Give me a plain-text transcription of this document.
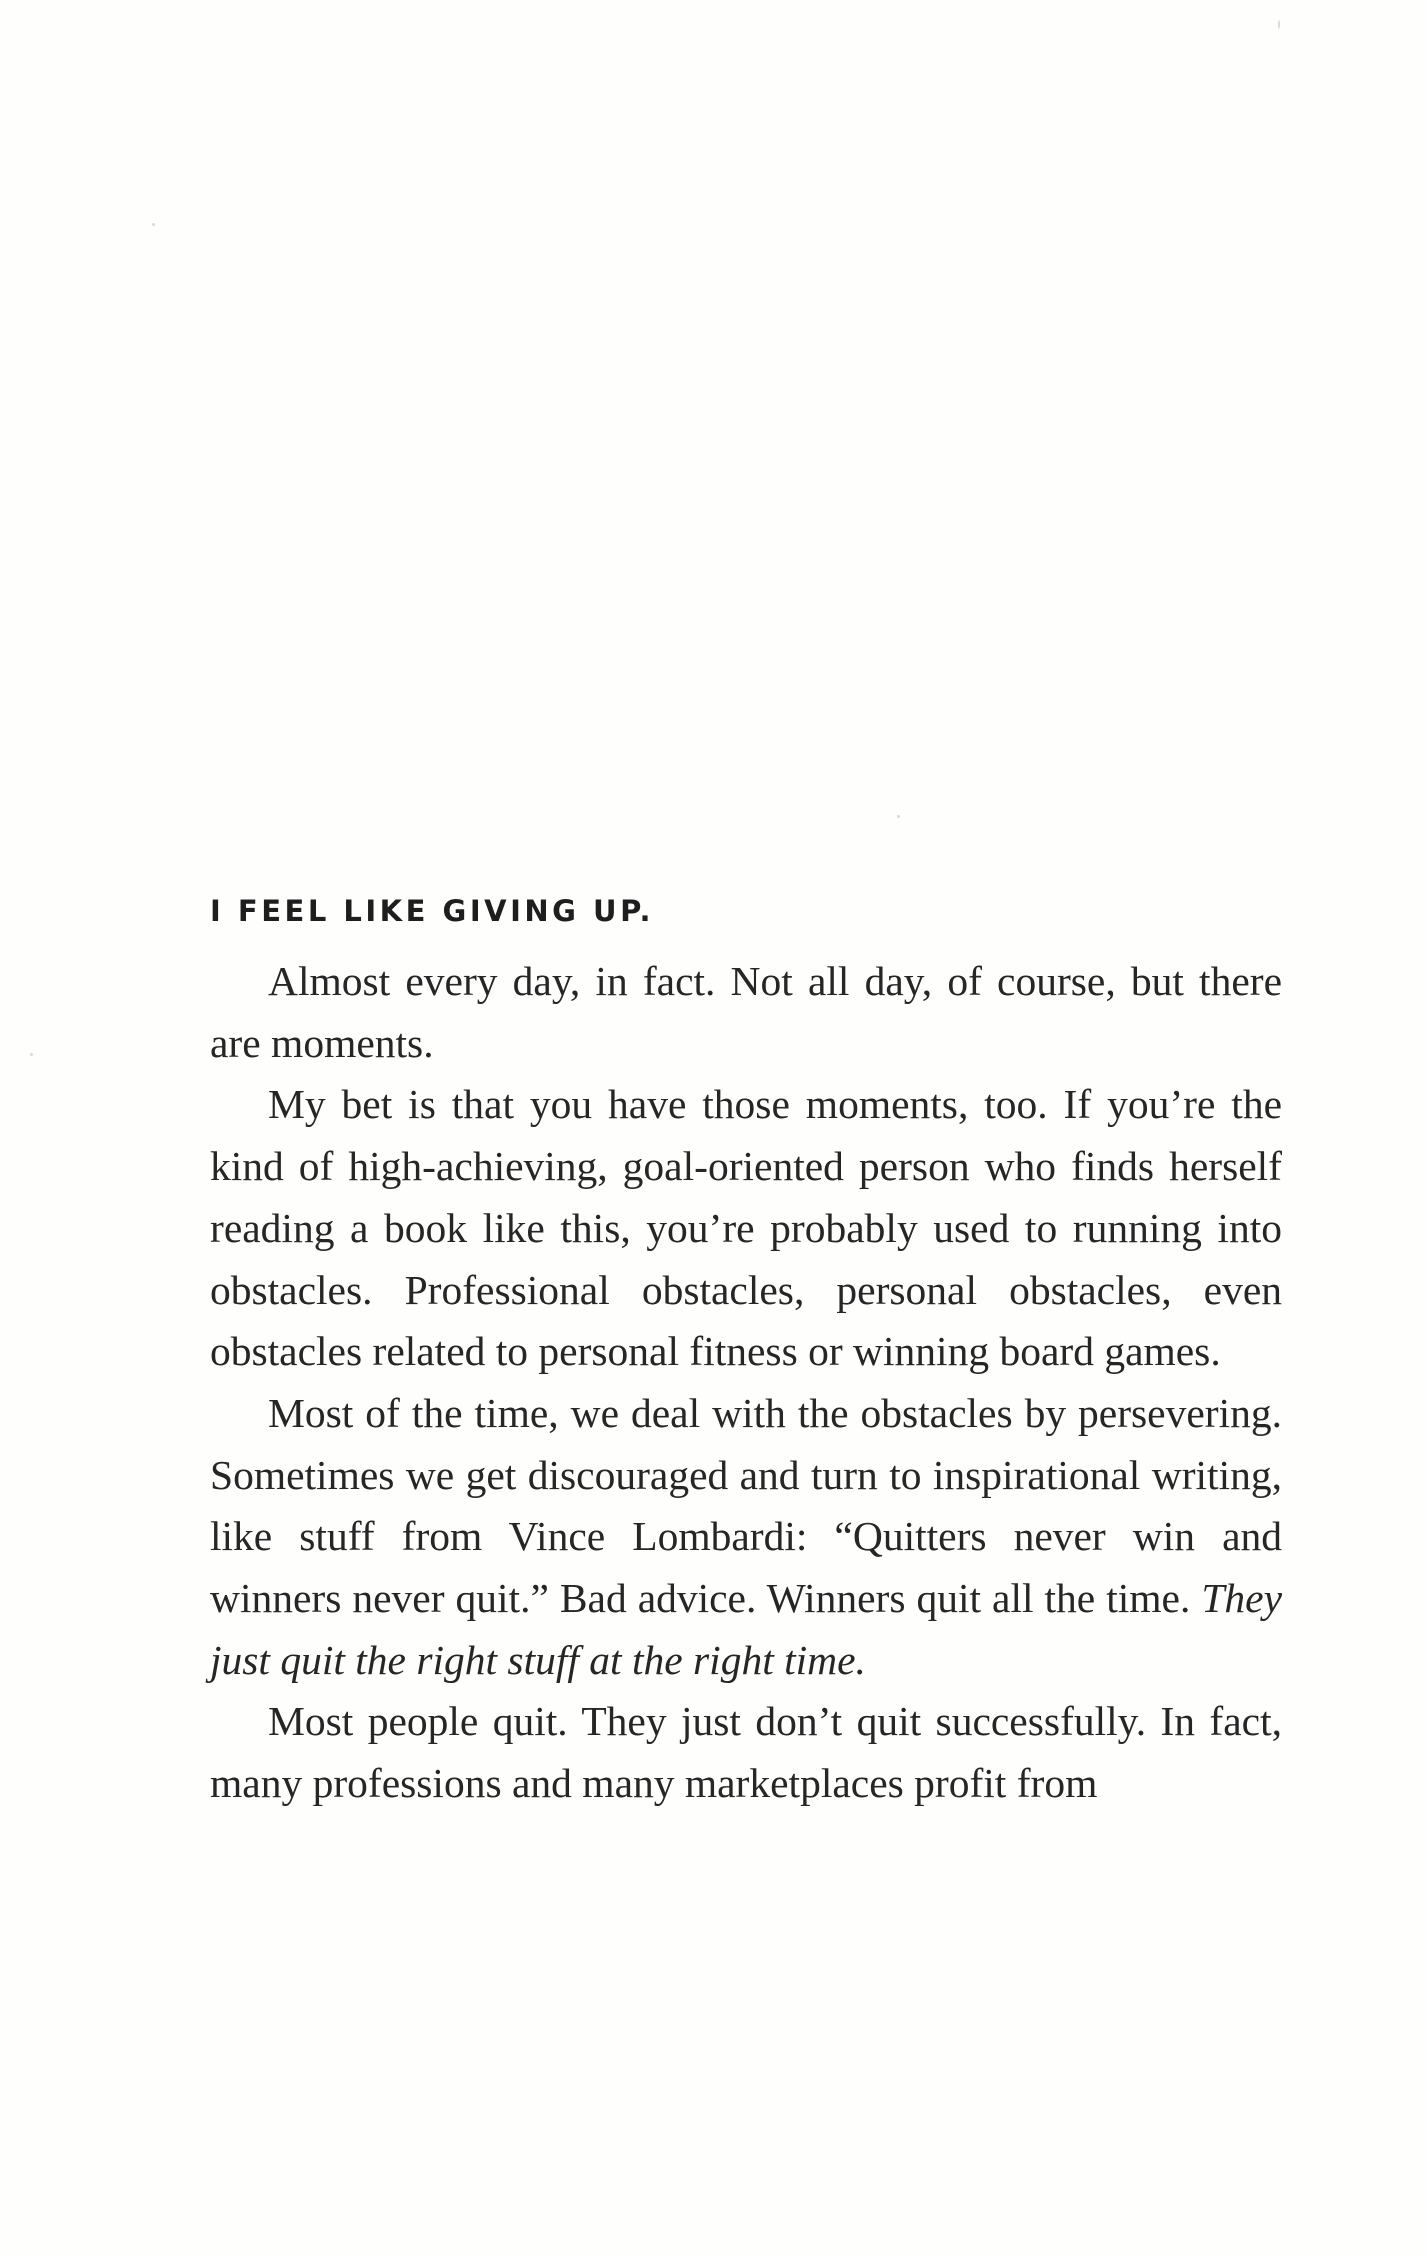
I FEEL LIKE GIVING UP.

Almost every day, in fact. Not all day, of course, but there are moments.

My bet is that you have those moments, too. If you’re the kind of high-achieving, goal-oriented person who finds herself reading a book like this, you’re probably used to running into obstacles. Professional obstacles, personal obstacles, even obstacles related to personal fitness or winning board games.

Most of the time, we deal with the obstacles by persevering. Sometimes we get discouraged and turn to inspirational writing, like stuff from Vince Lombardi: “Quitters never win and winners never quit.” Bad advice. Winners quit all the time. They just quit the right stuff at the right time.

Most people quit. They just don’t quit successfully. In fact, many professions and many marketplaces profit from
